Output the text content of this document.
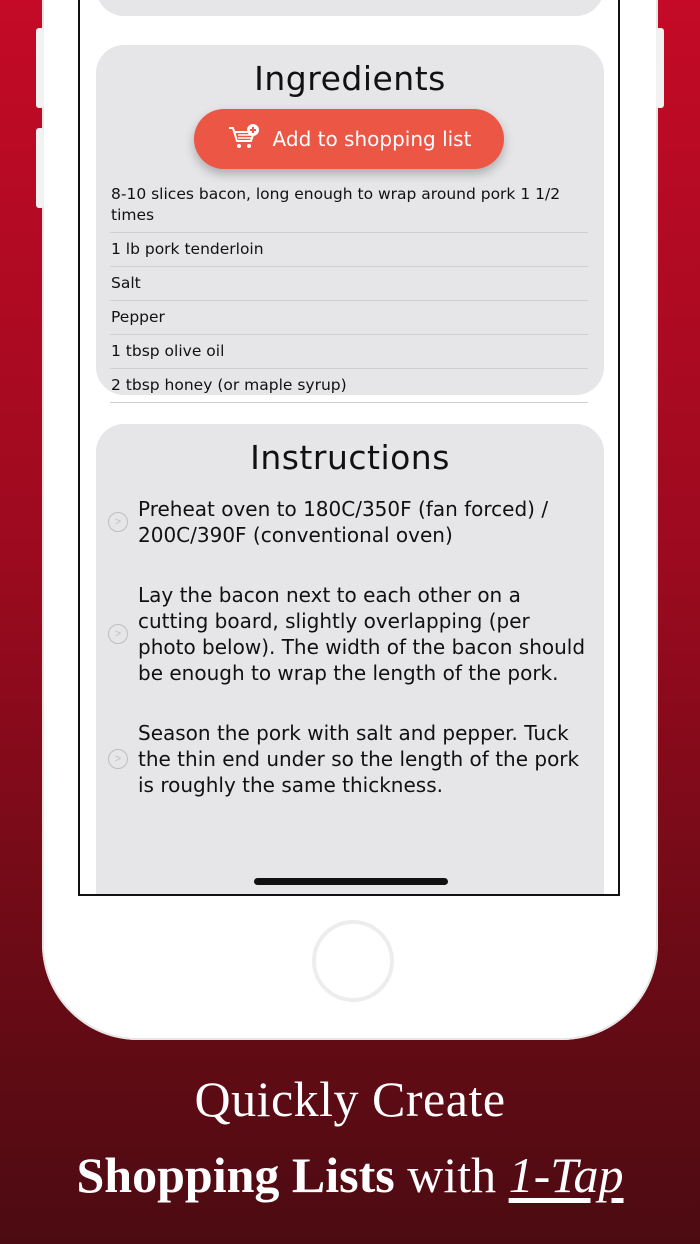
Ingredients
Add to shopping list
8-10 slices bacon, long enough to wrap around pork 1 1/2 times
1 lb pork tenderloin
Salt
Pepper
1 tbsp olive oil
2 tbsp honey (or maple syrup)
Instructions
>
Preheat oven to 180C/350F (fan forced) / 200C/390F (conventional oven)
>
Lay the bacon next to each other on a cutting board, slightly overlapping (per photo below). The width of the bacon should be enough to wrap the length of the pork.
>
Season the pork with salt and pepper. Tuck the thin end under so the length of the pork is roughly the same thickness.
Quickly Create
Shopping Lists with 1-Tap
